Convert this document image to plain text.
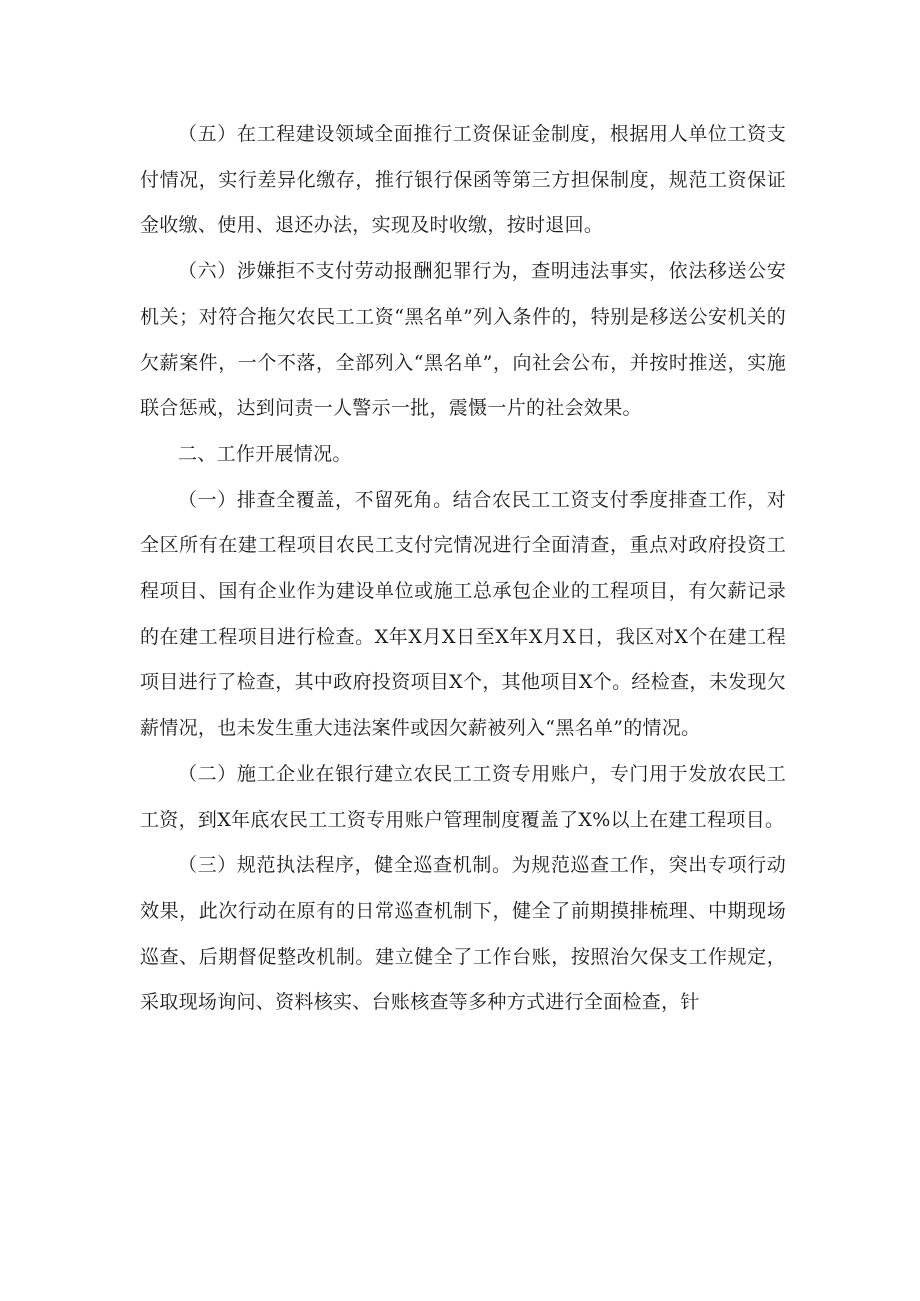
（五）在工程建设领域全面推行工资保证金制度，根据用人单位工资支付情况，实行差异化缴存，推行银行保函等第三方担保制度，规范工资保证金收缴、使用、退还办法，实现及时收缴，按时退回。

（六）涉嫌拒不支付劳动报酬犯罪行为，查明违法事实，依法移送公安机关；对符合拖欠农民工工资“黑名单”列入条件的，特别是移送公安机关的欠薪案件，一个不落，全部列入“黑名单”，向社会公布，并按时推送，实施联合惩戒，达到问责一人警示一批，震慑一片的社会效果。

二、工作开展情况。

（一）排查全覆盖，不留死角。结合农民工工资支付季度排查工作，对全区所有在建工程项目农民工支付完情况进行全面清查，重点对政府投资工程项目、国有企业作为建设单位或施工总承包企业的工程项目，有欠薪记录的在建工程项目进行检查。X年X月X日至X年X月X日，我区对X个在建工程项目进行了检查，其中政府投资项目X个，其他项目X个。经检查，未发现欠薪情况，也未发生重大违法案件或因欠薪被列入“黑名单”的情况。

（二）施工企业在银行建立农民工工资专用账户，专门用于发放农民工工资，到X年底农民工工资专用账户管理制度覆盖了X%以上在建工程项目。

（三）规范执法程序，健全巡查机制。为规范巡查工作，突出专项行动效果，此次行动在原有的日常巡查机制下，健全了前期摸排梳理、中期现场巡查、后期督促整改机制。建立健全了工作台账，按照治欠保支工作规定，采取现场询问、资料核实、台账核查等多种方式进行全面检查，针
